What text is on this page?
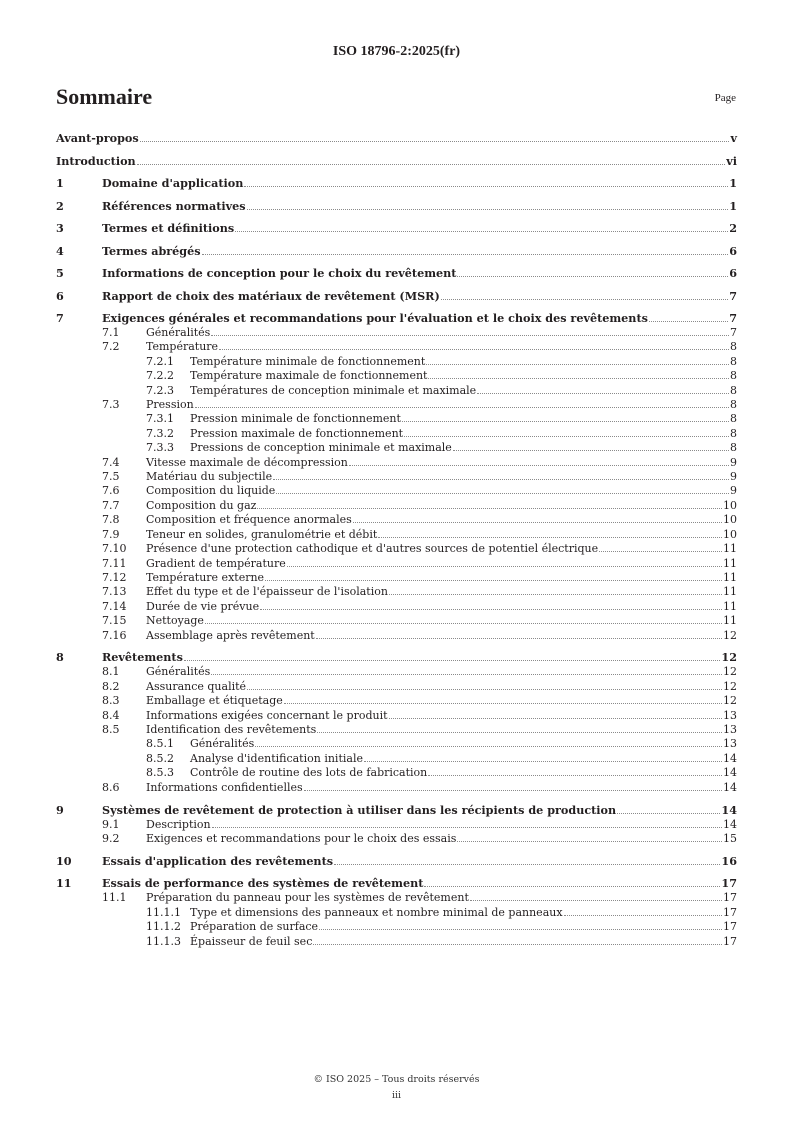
ISO 18796-2:2025(fr)
Sommaire	Page
Avant-propos	v
Introduction	vi
1	Domaine d'application	1
2	Références normatives	1
3	Termes et définitions	2
4	Termes abrégés	6
5	Informations de conception pour le choix du revêtement	6
6	Rapport de choix des matériaux de revêtement (MSR)	7
7	Exigences générales et recommandations pour l'évaluation et le choix des revêtements	7
7.1	Généralités	7
7.2	Température	8
7.2.1	Température minimale de fonctionnement	8
7.2.2	Température maximale de fonctionnement	8
7.2.3	Températures de conception minimale et maximale	8
7.3	Pression	8
7.3.1	Pression minimale de fonctionnement	8
7.3.2	Pression maximale de fonctionnement	8
7.3.3	Pressions de conception minimale et maximale	8
7.4	Vitesse maximale de décompression	9
7.5	Matériau du subjectile	9
7.6	Composition du liquide	9
7.7	Composition du gaz	10
7.8	Composition et fréquence anormales	10
7.9	Teneur en solides, granulométrie et débit	10
7.10	Présence d'une protection cathodique et d'autres sources de potentiel électrique	11
7.11	Gradient de température	11
7.12	Température externe	11
7.13	Effet du type et de l'épaisseur de l'isolation	11
7.14	Durée de vie prévue	11
7.15	Nettoyage	11
7.16	Assemblage après revêtement	12
8	Revêtements	12
8.1	Généralités	12
8.2	Assurance qualité	12
8.3	Emballage et étiquetage	12
8.4	Informations exigées concernant le produit	13
8.5	Identification des revêtements	13
8.5.1	Généralités	13
8.5.2	Analyse d'identification initiale	14
8.5.3	Contrôle de routine des lots de fabrication	14
8.6	Informations confidentielles	14
9	Systèmes de revêtement de protection à utiliser dans les récipients de production	14
9.1	Description	14
9.2	Exigences et recommandations pour le choix des essais	15
10	Essais d'application des revêtements	16
11	Essais de performance des systèmes de revêtement	17
11.1	Préparation du panneau pour les systèmes de revêtement	17
11.1.1 Type et dimensions des panneaux et nombre minimal de panneaux	17
11.1.2 Préparation de surface	17
11.1.3 Épaisseur de feuil sec	17
© ISO 2025 – Tous droits réservés
iii
